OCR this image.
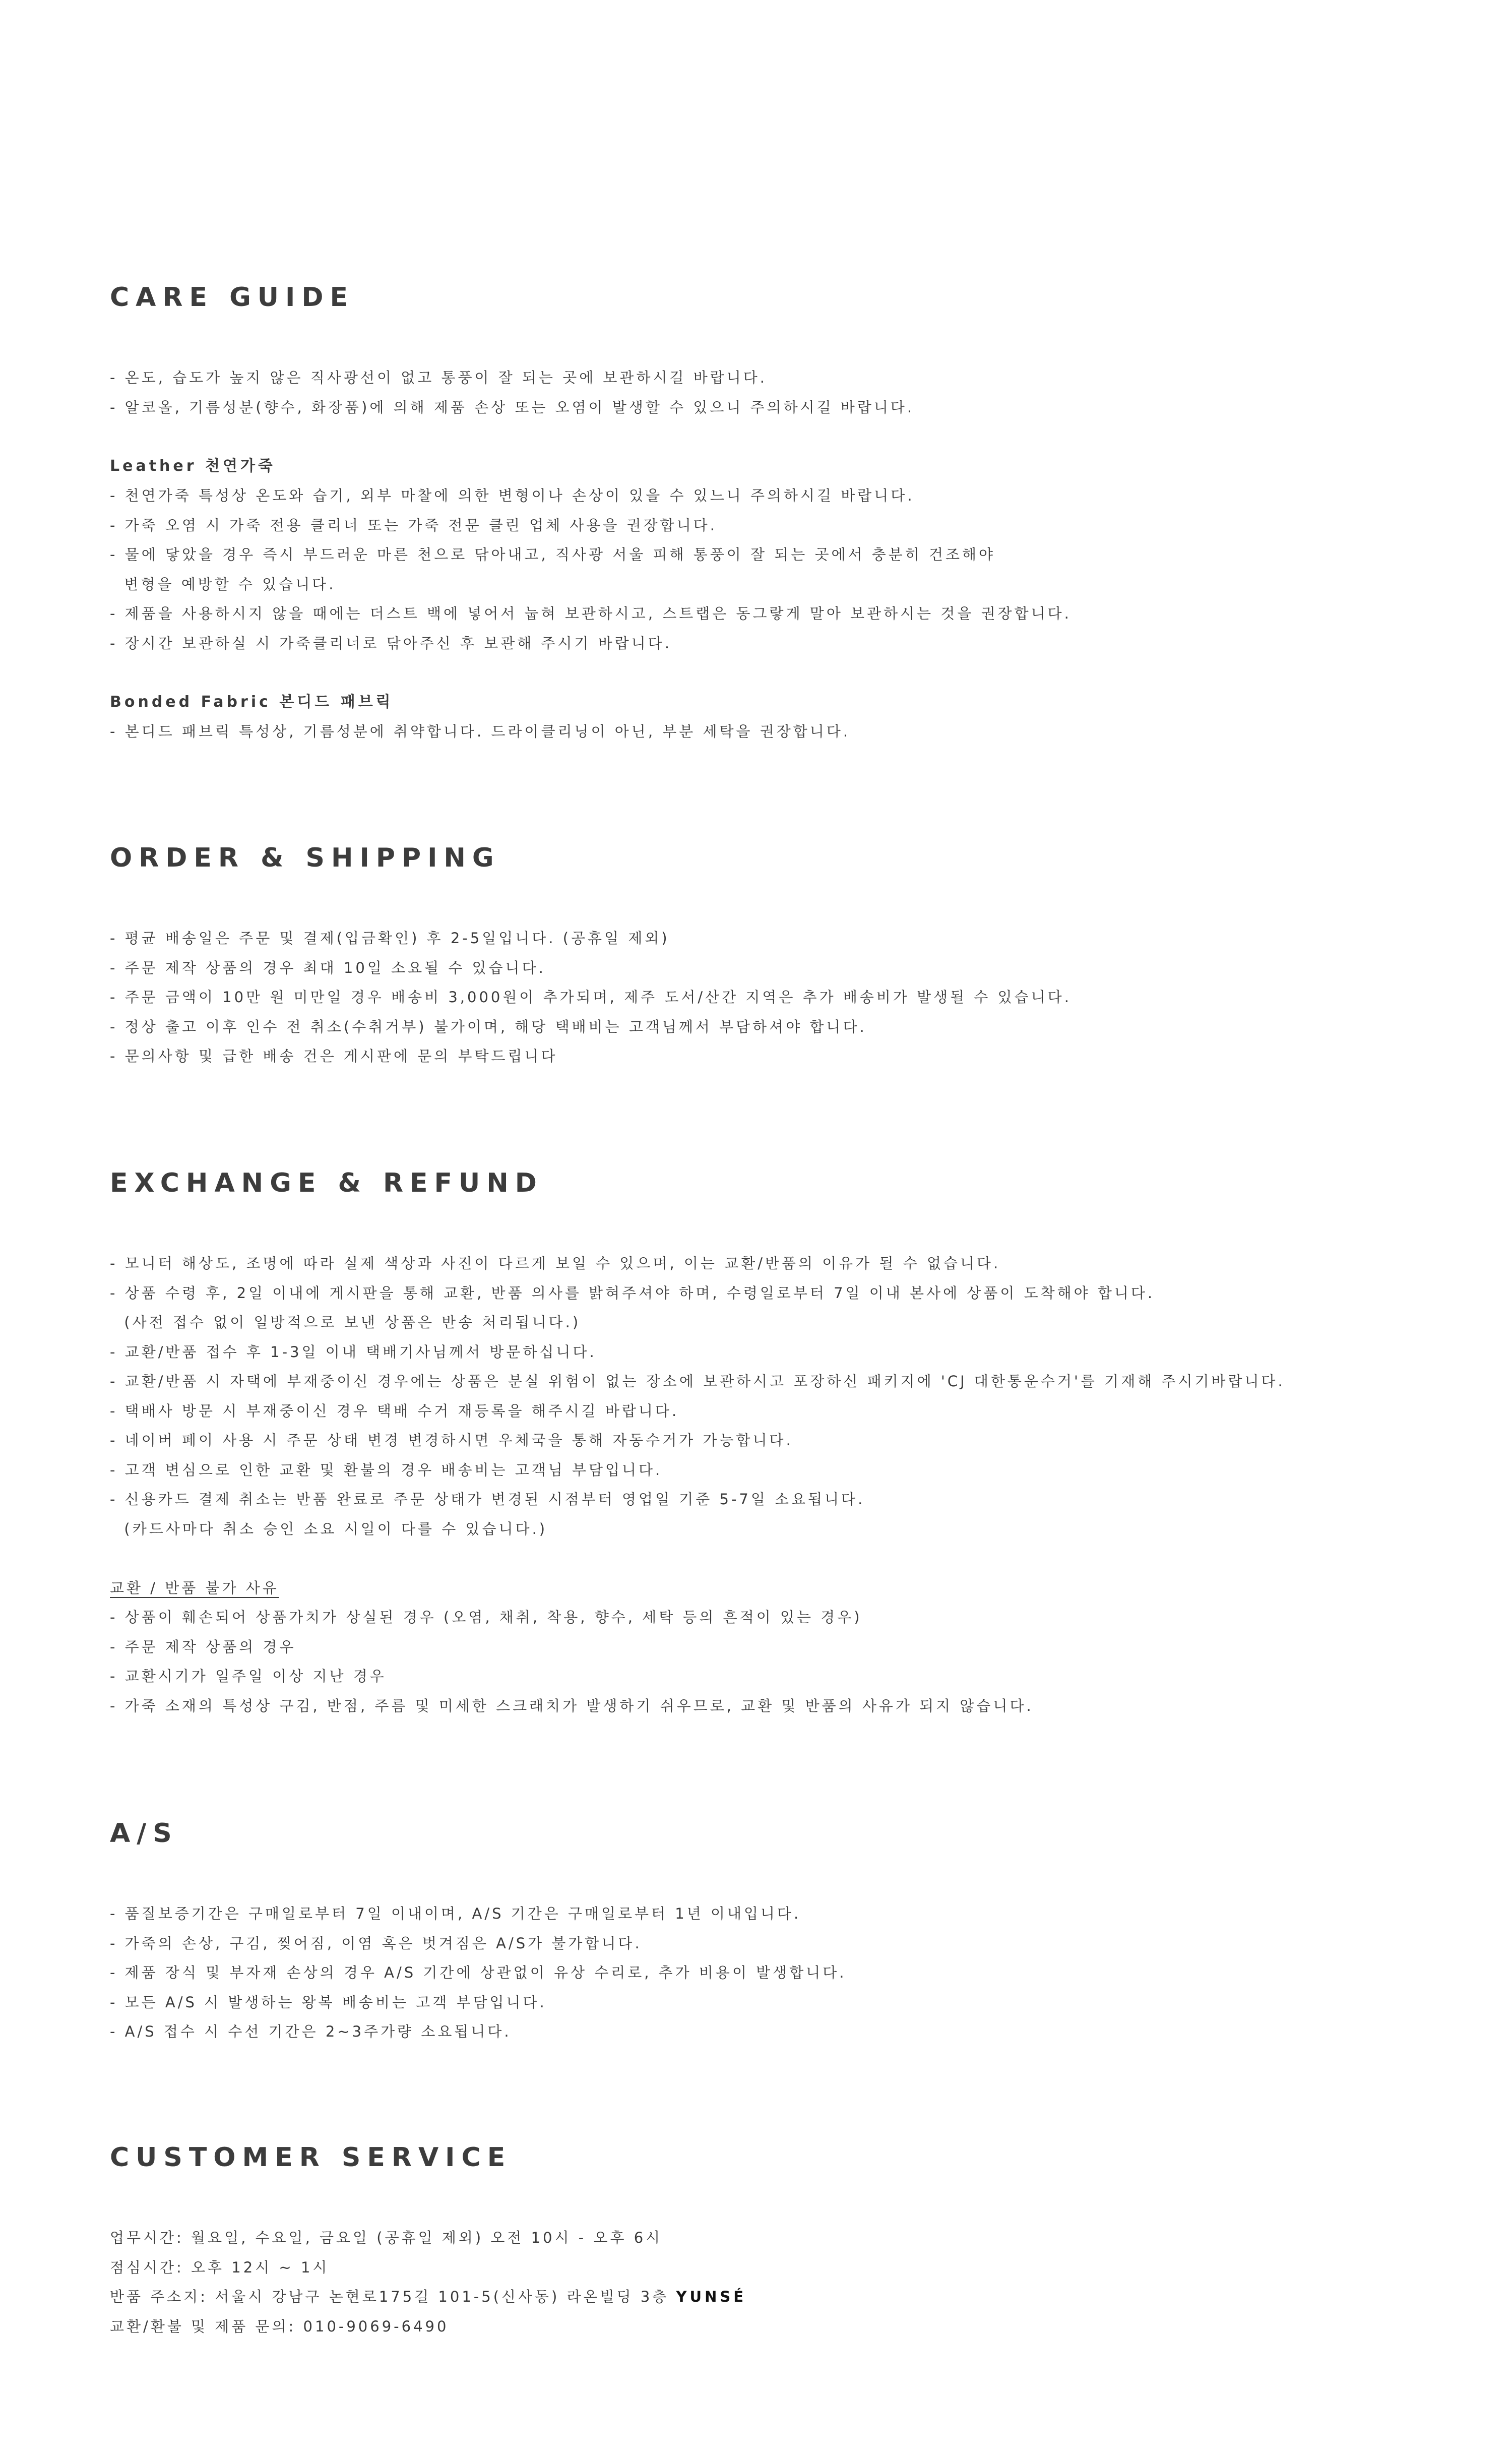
CARE GUIDE
- 온도, 습도가 높지 않은 직사광선이 없고 통풍이 잘 되는 곳에 보관하시길 바랍니다.
- 알코올, 기름성분(향수, 화장품)에 의해 제품 손상 또는 오염이 발생할 수 있으니 주의하시길 바랍니다.
Leather 천연가죽
- 천연가죽 특성상 온도와 습기, 외부 마찰에 의한 변형이나 손상이 있을 수 있느니 주의하시길 바랍니다.
- 가죽 오염 시 가죽 전용 클리너 또는 가죽 전문 클린 업체 사용을 권장합니다.
- 물에 닿았을 경우 즉시 부드러운 마른 천으로 닦아내고, 직사광 서울 피해 통풍이 잘 되는 곳에서 충분히 건조해야
변형을 예방할 수 있습니다.
- 제품을 사용하시지 않을 때에는 더스트 백에 넣어서 눕혀 보관하시고, 스트랩은 동그랗게 말아 보관하시는 것을 권장합니다.
- 장시간 보관하실 시 가죽클리너로 닦아주신 후 보관해 주시기 바랍니다.
Bonded Fabric 본디드 패브릭
- 본디드 패브릭 특성상, 기름성분에 취약합니다. 드라이클리닝이 아닌, 부분 세탁을 권장합니다.
ORDER & SHIPPING
- 평균 배송일은 주문 및 결제(입금확인) 후 2-5일입니다. (공휴일 제외)
- 주문 제작 상품의 경우 최대 10일 소요될 수 있습니다.
- 주문 금액이 10만 원 미만일 경우 배송비 3,000원이 추가되며, 제주 도서/산간 지역은 추가 배송비가 발생될 수 있습니다.
- 정상 출고 이후 인수 전 취소(수취거부) 불가이며, 해당 택배비는 고객님께서 부담하셔야 합니다.
- 문의사항 및 급한 배송 건은 게시판에 문의 부탁드립니다
EXCHANGE & REFUND
- 모니터 해상도, 조명에 따라 실제 색상과 사진이 다르게 보일 수 있으며, 이는 교환/반품의 이유가 될 수 없습니다.
- 상품 수령 후, 2일 이내에 게시판을 통해 교환, 반품 의사를 밝혀주셔야 하며, 수령일로부터 7일 이내 본사에 상품이 도착해야 합니다.
(사전 접수 없이 일방적으로 보낸 상품은 반송 처리됩니다.)
- 교환/반품 접수 후 1-3일 이내 택배기사님께서 방문하십니다.
- 교환/반품 시 자택에 부재중이신 경우에는 상품은 분실 위험이 없는 장소에 보관하시고 포장하신 패키지에 'CJ 대한통운수거'를 기재해 주시기바랍니다.
- 택배사 방문 시 부재중이신 경우 택배 수거 재등록을 해주시길 바랍니다.
- 네이버 페이 사용 시 주문 상태 변경 변경하시면 우체국을 통해 자동수거가 가능합니다.
- 고객 변심으로 인한 교환 및 환불의 경우 배송비는 고객님 부담입니다.
- 신용카드 결제 취소는 반품 완료로 주문 상태가 변경된 시점부터 영업일 기준 5-7일 소요됩니다.
(카드사마다 취소 승인 소요 시일이 다를 수 있습니다.)
교환 / 반품 불가 사유
- 상품이 훼손되어 상품가치가 상실된 경우 (오염, 채취, 착용, 향수, 세탁 등의 흔적이 있는 경우)
- 주문 제작 상품의 경우
- 교환시기가 일주일 이상 지난 경우
- 가죽 소재의 특성상 구김, 반점, 주름 및 미세한 스크래치가 발생하기 쉬우므로, 교환 및 반품의 사유가 되지 않습니다.
A/S
- 품질보증기간은 구매일로부터 7일 이내이며, A/S 기간은 구매일로부터 1년 이내입니다.
- 가죽의 손상, 구김, 찢어짐, 이염 혹은 벗겨짐은 A/S가 불가합니다.
- 제품 장식 및 부자재 손상의 경우 A/S 기간에 상관없이 유상 수리로, 추가 비용이 발생합니다.
- 모든 A/S 시 발생하는 왕복 배송비는 고객 부담입니다.
- A/S 접수 시 수선 기간은 2~3주가량 소요됩니다.
CUSTOMER SERVICE
업무시간: 월요일, 수요일, 금요일 (공휴일 제외) 오전 10시 - 오후 6시
점심시간: 오후 12시 ~ 1시
반품 주소지: 서울시 강남구 논현로175길 101-5(신사동) 라온빌딩 3층 YUNSÉ
교환/환불 및 제품 문의: 010-9069-6490
